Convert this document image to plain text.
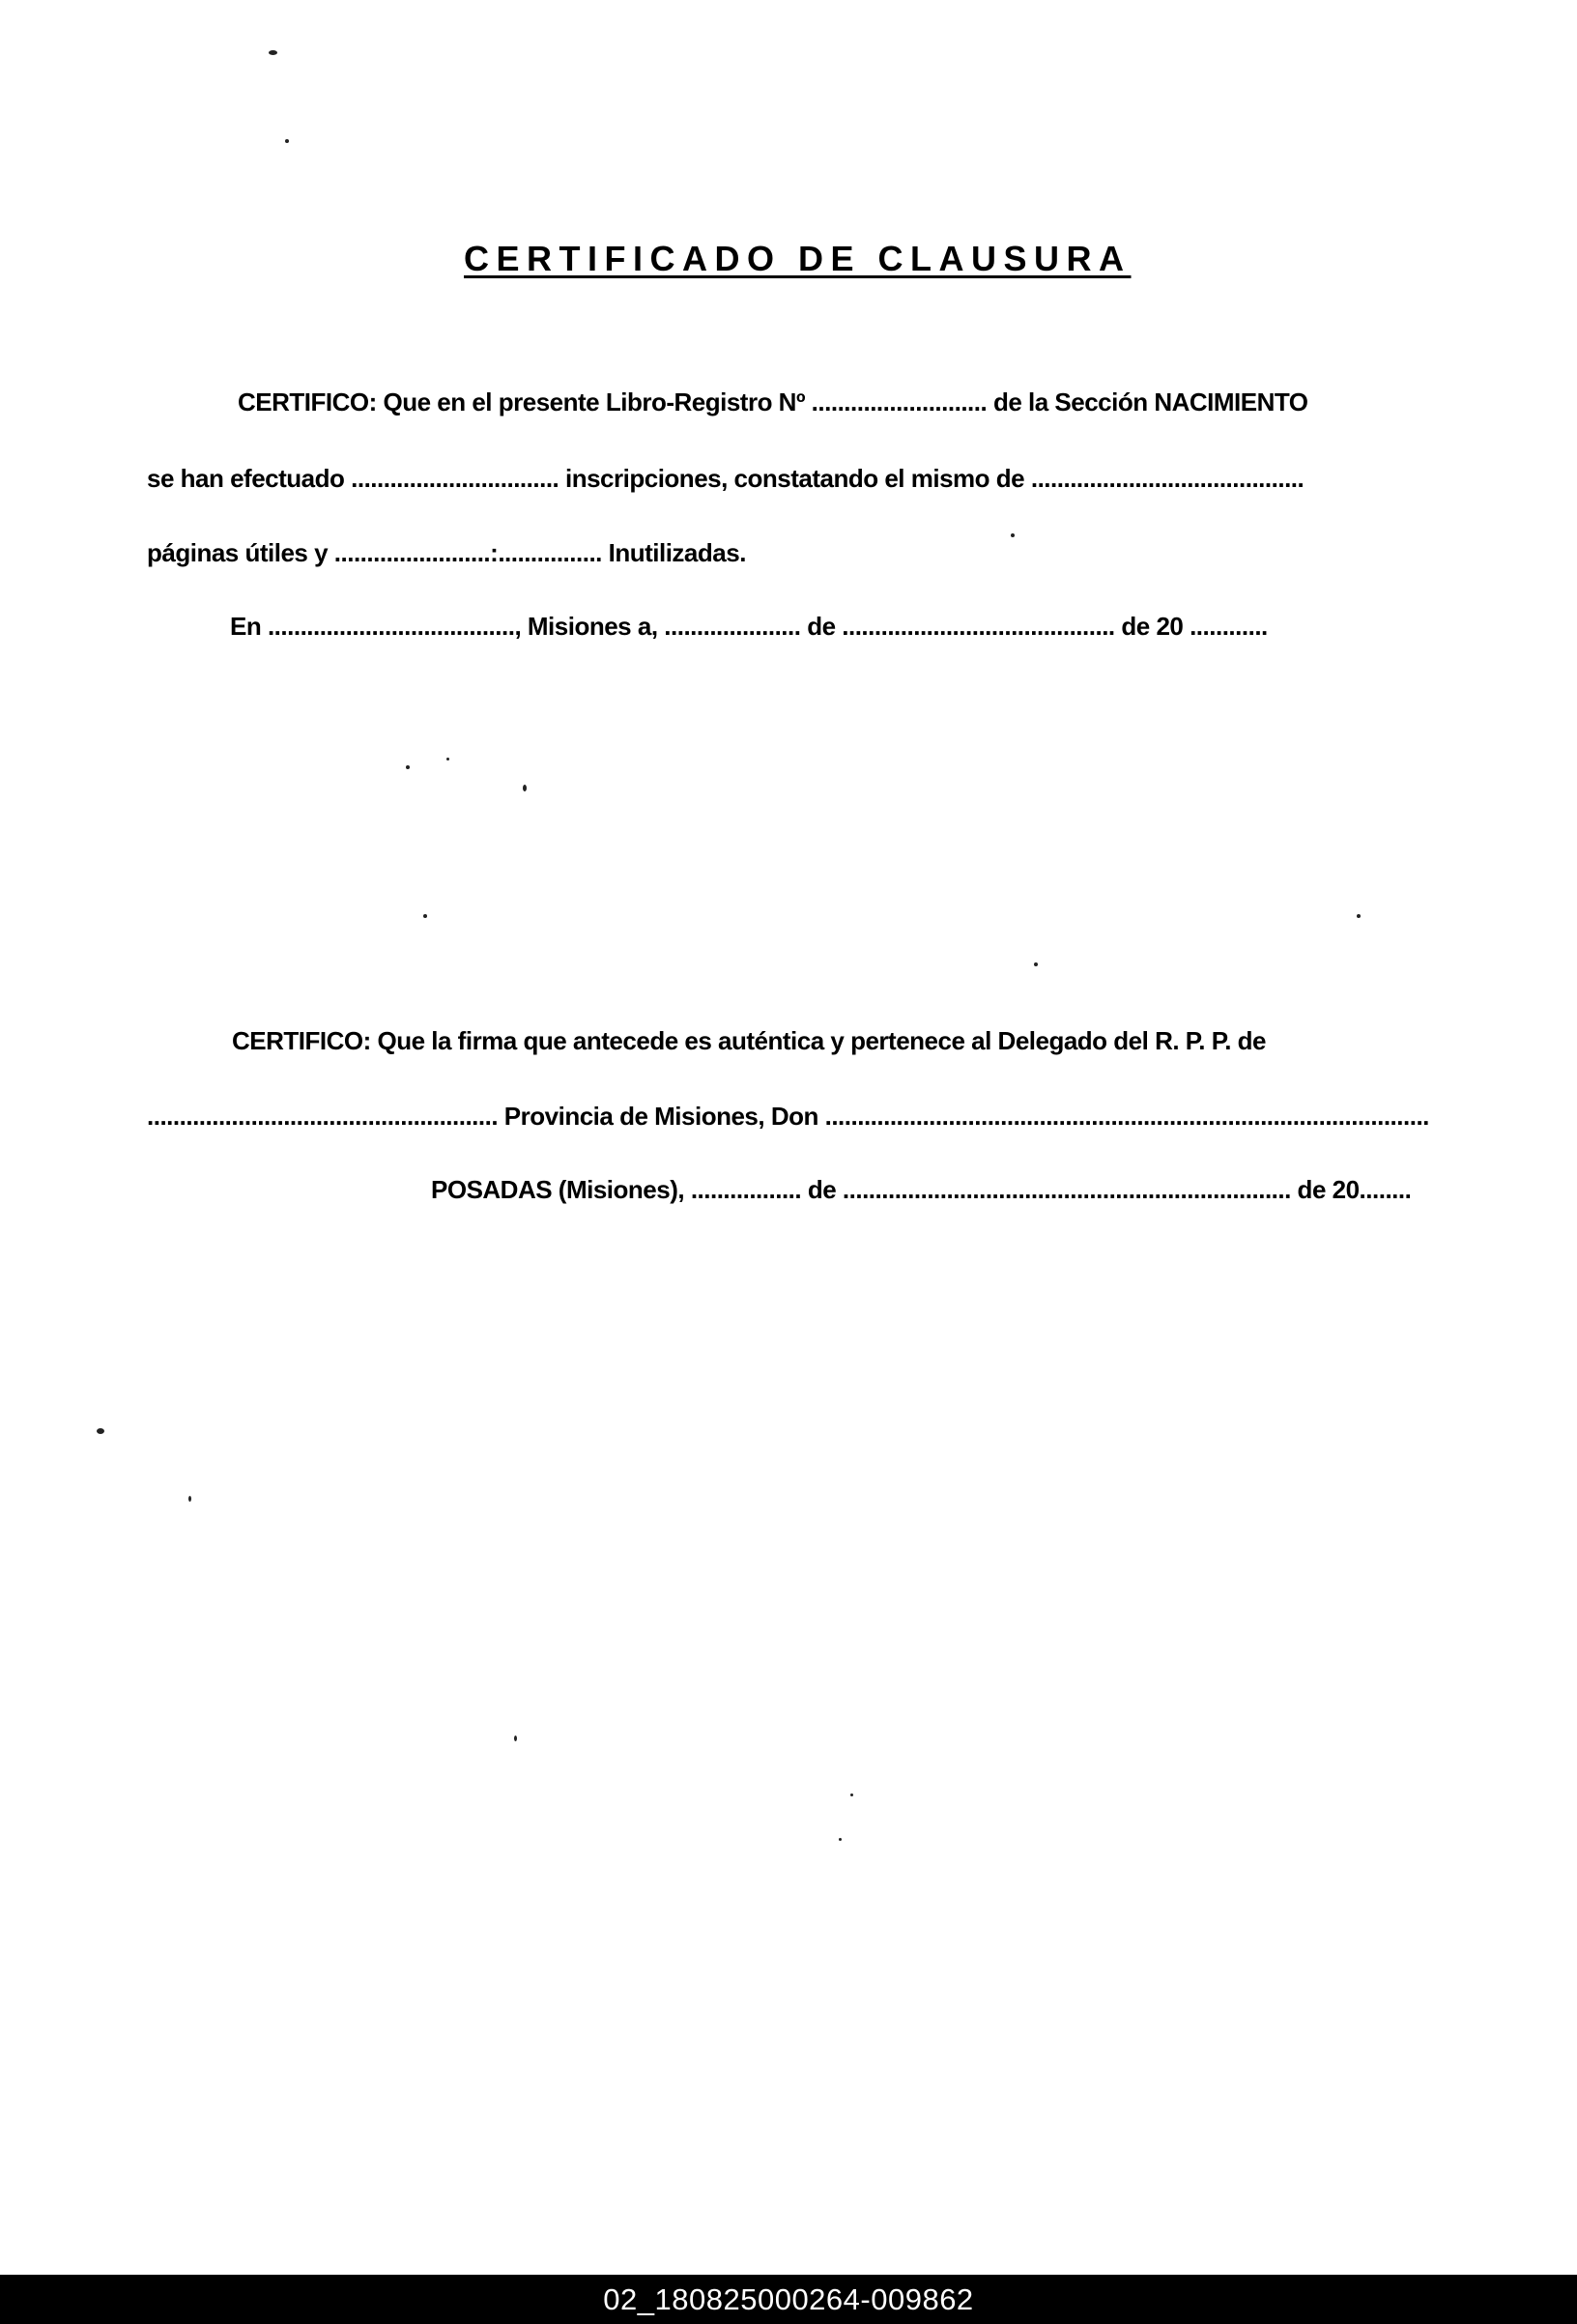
CERTIFICADO DE CLAUSURA
CERTIFICO: Que en el presente Libro-Registro Nº ........................... de la Sección NACIMIENTO
se han efectuado ................................ inscripciones, constatando el mismo de ..........................................
páginas útiles y ........................:................ Inutilizadas.
En ......................................, Misiones a, ..................... de .......................................... de 20 ............
CERTIFICO: Que la firma que antecede es auténtica y pertenece al Delegado del R. P. P. de
...................................................... Provincia de Misiones, Don .............................................................................................
POSADAS (Misiones), ................. de ..................................................................... de 20........
02_180825000264-009862
